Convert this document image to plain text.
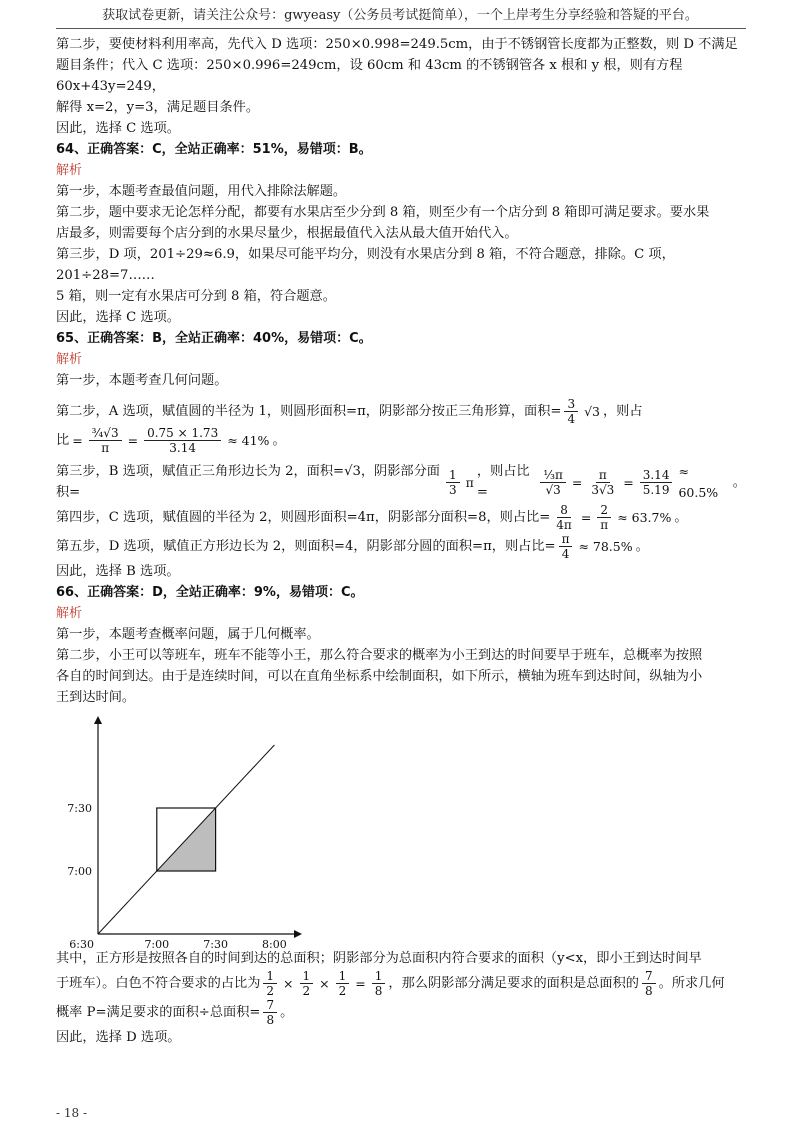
获取试卷更新，请关注公众号：gwyeasy（公务员考试挺简单），一个上岸考生分享经验和答疑的平台。

第二步，要使材料利用率高，先代入 D 选项：250×0.998=249.5cm，由于不锈钢管长度都为正整数，则 D 不满足

题目条件；代入 C 选项：250×0.996=249cm，设 60cm 和 43cm 的不锈钢管各 x 根和 y 根，则有方程 60x+43y=249，

解得 x=2，y=3，满足题目条件。

因此，选择 C 选项。

64、正确答案：C，全站正确率：51%，易错项：B。

解析

第一步，本题考查最值问题，用代入排除法解题。

第二步，题中要求无论怎样分配，都要有水果店至少分到 8 箱，则至少有一个店分到 8 箱即可满足要求。要水果

店最多，则需要每个店分到的水果尽量少，根据最值代入法从最大值开始代入。

第三步，D 项，201÷29≈6.9，如果尽可能平均分，则没有水果店分到 8 箱，不符合题意，排除。C 项，201÷28=7……

5 箱，则一定有水果店可分到 8 箱，符合题意。

因此，选择 C 选项。

65、正确答案：B，全站正确率：40%，易错项：C。

解析

第一步，本题考查几何问题。

第二步，A 选项，赋值圆的半径为 1，则圆形面积=π，阴影部分按正三角形算，面积= $\frac{3}{4} √3$ ，则占
比 = $\frac{\text{¾√3}}{\pi} = \frac{0.75 \times 1.73}{3.14} \approx 41\%$ 。
第三步，B 选项，赋值正三角形边长为 2，面积=√3，阴影部分面积=	$\frac{1}{3}$ π
，则占比=	$\frac{\text{⅓π}}{√3} = \frac{\pi}{3√3} = \frac{3.14}{5.19} \approx 60.5\%$
。
第四步，C 选项，赋值圆的半径为 2，则圆形面积=4π，阴影部分面积=8，则占比= $\frac{8}{4\pi} = \frac{2}{\pi} \approx 63.7\%$ 。
第五步，D 选项，赋值正方形边长为 2，则面积=4，阴影部分圆的面积=π，则占比= $\frac{\pi}{4} \approx 78.5\%$ 。

因此，选择 B 选项。

66、正确答案：D，全站正确率：9%，易错项：C。

解析

第一步，本题考查概率问题，属于几何概率。

第二步，小王可以等班车，班车不能等小王，那么符合要求的概率为小王到达的时间要早于班车，总概率为按照

各自的时间到达。由于是连续时间，可以在直角坐标系中绘制面积，如下所示，横轴为班车到达时间，纵轴为小

王到达时间。

6:30	7:00	7:30	8:00
7:00
7:30

其中，正方形是按照各自的时间到达的总面积；阴影部分为总面积内符合要求的面积（y<x，即小王到达时间早

于班车）。白色不符合要求的占比为 $\frac{1}{2} \times \frac{1}{2} \times \frac{1}{2} = \frac{1}{8}$ ，那么阴影部分满足要求的面积是总面积的 $\frac{7}{8}$ 。所求几何
概率 P=满足要求的面积÷总面积= $\frac{7}{8}$ 。

因此，选择 D 选项。

- 18 -
